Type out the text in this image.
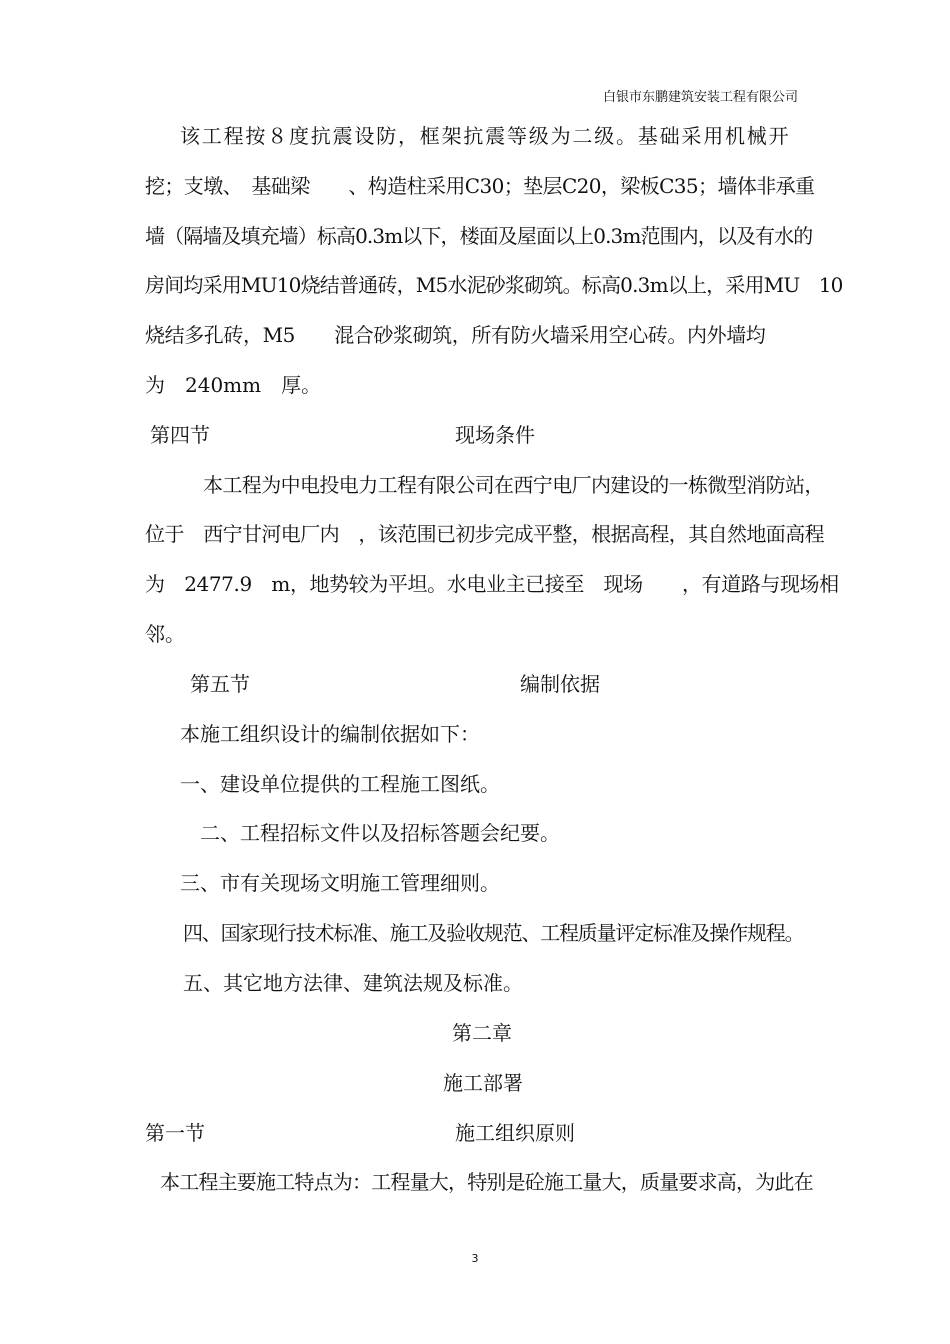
白银市东鹏建筑安装工程有限公司
该工程按８度抗震设防，框架抗震等级为二级。基础采用机械开
挖；支墩、　基础梁　　、构造柱采用C30；垫层C20，梁板C35；墙体非承重
墙（隔墙及填充墙）标高0.3m以下，楼面及屋面以上0.3m范围内，以及有水的
房间均采用MU10烧结普通砖，M5水泥砂浆砌筑。标高0.3m以上，采用MU　10
烧结多孔砖，M5　　混合砂浆砌筑，所有防火墙采用空心砖。内外墙均
为　240mm　厚。
第四节	现场条件
本工程为中电投电力工程有限公司在西宁电厂内建设的一栋微型消防站，
位于　西宁甘河电厂内　，该范围已初步完成平整，根据高程，其自然地面高程
为　2477.9　m，地势较为平坦。水电业主已接至　现场　　，有道路与现场相
邻。
第五节	编制依据
本施工组织设计的编制依据如下：
一、建设单位提供的工程施工图纸。
二、工程招标文件以及招标答题会纪要。
三、市有关现场文明施工管理细则。
四、国家现行技术标准、施工及验收规范、工程质量评定标准及操作规程。
五、其它地方法律、建筑法规及标准。
第二章
施工部署
第一节	施工组织原则
本工程主要施工特点为：工程量大，特别是砼施工量大，质量要求高，为此在
3
